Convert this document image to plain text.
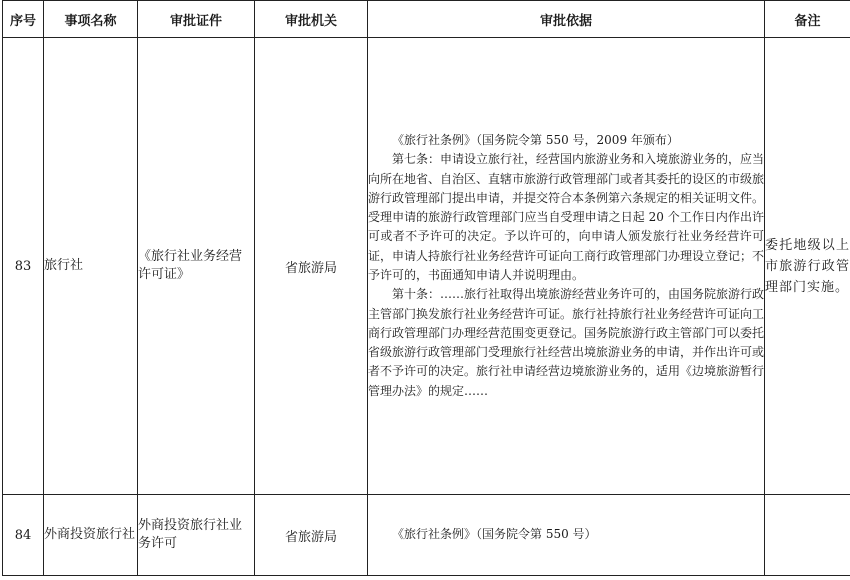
序号	事项名称	审批证件	审批机关	审批依据	备注
83	旅行社	《旅行社业务经营许可证》	省旅游局	《旅行社条例》（国务院令第 550 号，2009 年颁布）

第七条：申请设立旅行社，经营国内旅游业务和入境旅游业务的，应当向所在地省、自治区、直辖市旅游行政管理部门或者其委托的设区的市级旅游行政管理部门提出申请，并提交符合本条例第六条规定的相关证明文件。受理申请的旅游行政管理部门应当自受理申请之日起 20 个工作日内作出许可或者不予许可的决定。予以许可的，向申请人颁发旅行社业务经营许可证，申请人持旅行社业务经营许可证向工商行政管理部门办理设立登记；不予许可的，书面通知申请人并说明理由。

第十条：……旅行社取得出境旅游经营业务许可的，由国务院旅游行政主管部门换发旅行社业务经营许可证。旅行社持旅行社业务经营许可证向工商行政管理部门办理经营范围变更登记。国务院旅游行政主管部门可以委托省级旅游行政管理部门受理旅行社经营出境旅游业务的申请，并作出许可或者不予许可的决定。旅行社申请经营边境旅游业务的，适用《边境旅游暂行管理办法》的规定……	委托地级以上市旅游行政管理部门实施。
84	外商投资旅行社	外商投资旅行社业务许可	省旅游局	《旅行社条例》（国务院令第 550 号）	
